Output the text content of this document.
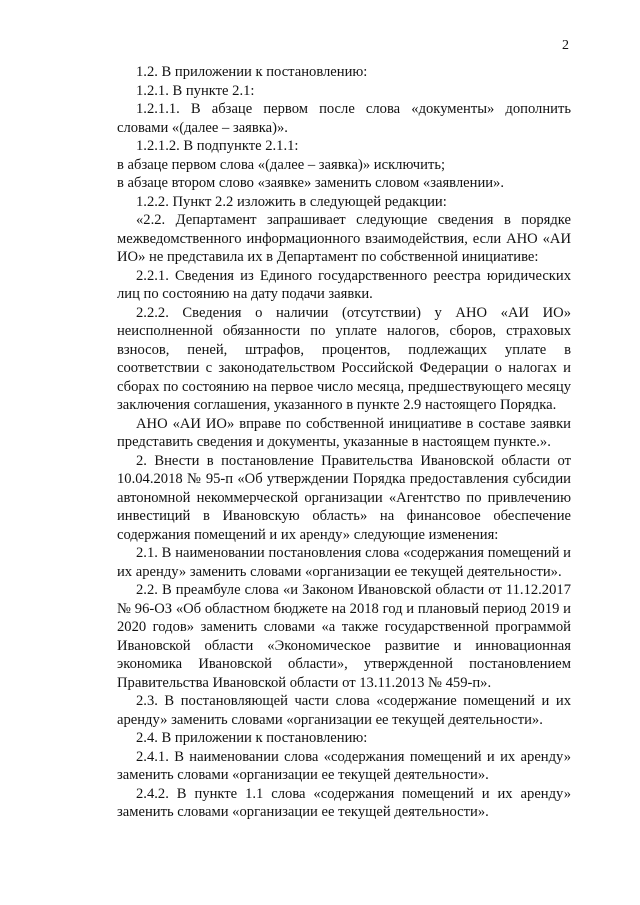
2

1.2. В приложении к постановлению:

1.2.1. В пункте 2.1:

1.2.1.1. В абзаце первом после слова «документы» дополнить словами «(далее – заявка)».

1.2.1.2. В подпункте 2.1.1:

в абзаце первом слова «(далее – заявка)» исключить;

в абзаце втором слово «заявке» заменить словом «заявлении».

1.2.2. Пункт 2.2 изложить в следующей редакции:

«2.2. Департамент запрашивает следующие сведения в порядке межведомственного информационного взаимодействия, если АНО «АИ ИО» не представила их в Департамент по собственной инициативе:

2.2.1. Сведения из Единого государственного реестра юридических лиц по состоянию на дату подачи заявки.

2.2.2. Сведения о наличии (отсутствии) у АНО «АИ ИО» неисполненной обязанности по уплате налогов, сборов, страховых взносов, пеней, штрафов, процентов, подлежащих уплате в соответствии с законодательством Российской Федерации о налогах и сборах по состоянию на первое число месяца, предшествующего месяцу заключения соглашения, указанного в пункте 2.9 настоящего Порядка.

АНО «АИ ИО» вправе по собственной инициативе в составе заявки представить сведения и документы, указанные в настоящем пункте.».

2. Внести в постановление Правительства Ивановской области от 10.04.2018 № 95-п «Об утверждении Порядка предоставления субсидии автономной некоммерческой организации «Агентство по привлечению инвестиций в Ивановскую область» на финансовое обеспечение содержания помещений и их аренду» следующие изменения:

2.1. В наименовании постановления слова «содержания помещений и их аренду» заменить словами «организации ее текущей деятельности».

2.2. В преамбуле слова «и Законом Ивановской области от 11.12.2017 № 96-ОЗ «Об областном бюджете на 2018 год и плановый период 2019 и 2020 годов» заменить словами «а также государственной программой Ивановской области «Экономическое развитие и инновационная экономика Ивановской области», утвержденной постановлением Правительства Ивановской области от 13.11.2013 № 459-п».

2.3. В постановляющей части слова «содержание помещений и их аренду» заменить словами «организации ее текущей деятельности».

2.4. В приложении к постановлению:

2.4.1. В наименовании слова «содержания помещений и их аренду» заменить словами «организации ее текущей деятельности».

2.4.2. В пункте 1.1 слова «содержания помещений и их аренду» заменить словами «организации ее текущей деятельности».
